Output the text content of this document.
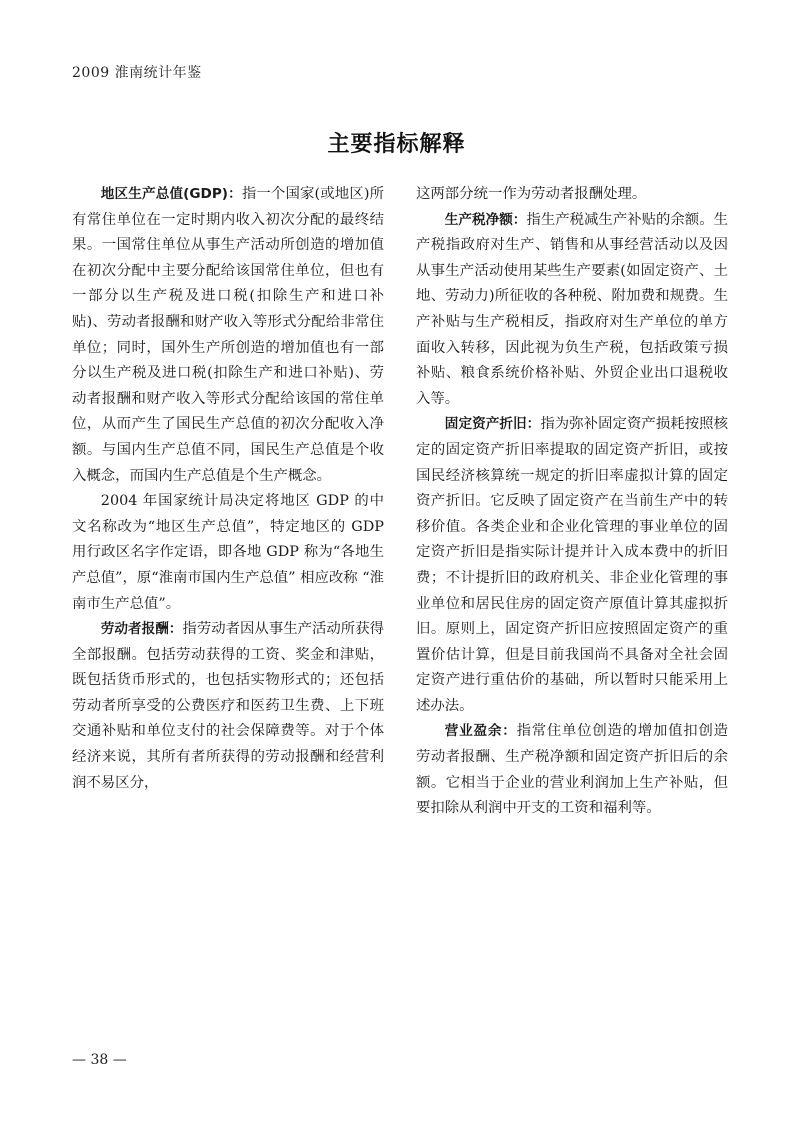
2009 淮南统计年鉴
主要指标解释

地区生产总值(GDP)：指一个国家(或地区)所有常住单位在一定时期内收入初次分配的最终结果。一国常住单位从事生产活动所创造的增加值在初次分配中主要分配给该国常住单位，但也有一部分以生产税及进口税(扣除生产和进口补贴)、劳动者报酬和财产收入等形式分配给非常住单位；同时，国外生产所创造的增加值也有一部分以生产税及进口税(扣除生产和进口补贴)、劳动者报酬和财产收入等形式分配给该国的常住单位，从而产生了国民生产总值的初次分配收入净额。与国内生产总值不同，国民生产总值是个收入概念，而国内生产总值是个生产概念。

2004 年国家统计局决定将地区 GDP 的中文名称改为“地区生产总值”，特定地区的 GDP 用行政区名字作定语，即各地 GDP 称为“各地生产总值”，原“淮南市国内生产总值” 相应改称 “淮南市生产总值”。

劳动者报酬：指劳动者因从事生产活动所获得全部报酬。包括劳动获得的工资、奖金和津贴，既包括货币形式的，也包括实物形式的；还包括劳动者所享受的公费医疗和医药卫生费、上下班交通补贴和单位支付的社会保障费等。对于个体经济来说，其所有者所获得的劳动报酬和经营利润不易区分，

这两部分统一作为劳动者报酬处理。

生产税净额：指生产税减生产补贴的余额。生产税指政府对生产、销售和从事经营活动以及因从事生产活动使用某些生产要素(如固定资产、土地、劳动力)所征收的各种税、附加费和规费。生产补贴与生产税相反，指政府对生产单位的单方面收入转移，因此视为负生产税，包括政策亏损补贴、粮食系统价格补贴、外贸企业出口退税收入等。

固定资产折旧：指为弥补固定资产损耗按照核定的固定资产折旧率提取的固定资产折旧，或按国民经济核算统一规定的折旧率虚拟计算的固定资产折旧。它反映了固定资产在当前生产中的转移价值。各类企业和企业化管理的事业单位的固定资产折旧是指实际计提并计入成本费中的折旧费；不计提折旧的政府机关、非企业化管理的事业单位和居民住房的固定资产原值计算其虚拟折旧。原则上，固定资产折旧应按照固定资产的重置价估计算，但是目前我国尚不具备对全社会固定资产进行重估价的基础，所以暂时只能采用上述办法。

营业盈余：指常住单位创造的增加值扣创造劳动者报酬、生产税净额和固定资产折旧后的余额。它相当于企业的营业利润加上生产补贴，但要扣除从利润中开支的工资和福利等。

— 38 —
